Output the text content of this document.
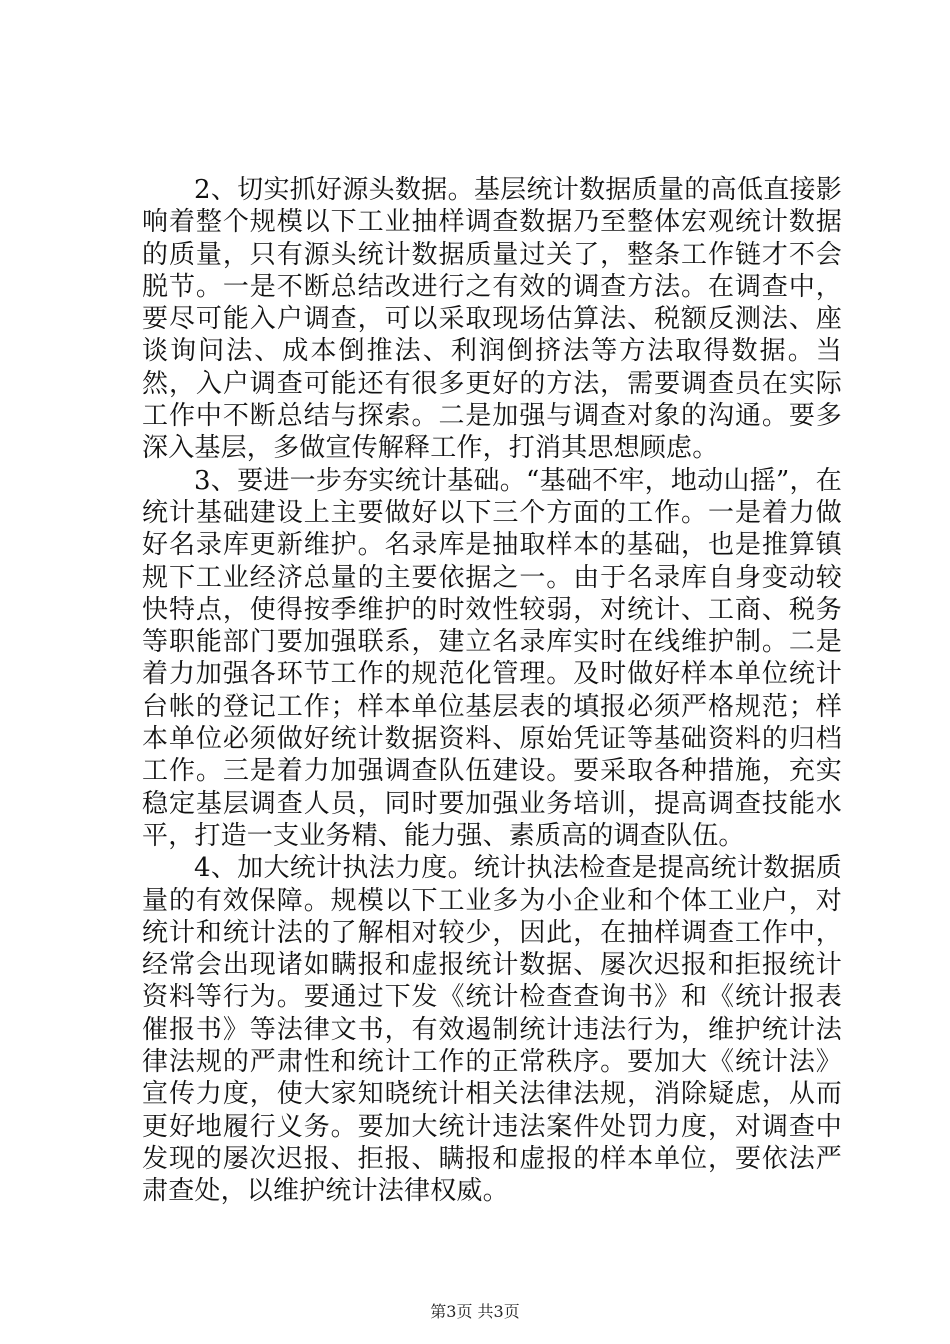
2、切实抓好源头数据。基层统计数据质量的高低直接影响着整个规模以下工业抽样调查数据乃至整体宏观统计数据的质量，只有源头统计数据质量过关了，整条工作链才不会脱节。一是不断总结改进行之有效的调查方法。在调查中，要尽可能入户调查，可以采取现场估算法、税额反测法、座谈询问法、成本倒推法、利润倒挤法等方法取得数据。当然，入户调查可能还有很多更好的方法，需要调查员在实际工作中不断总结与探索。二是加强与调查对象的沟通。要多深入基层，多做宣传解释工作，打消其思想顾虑。

3、要进一步夯实统计基础。“基础不牢，地动山摇”，在统计基础建设上主要做好以下三个方面的工作。一是着力做好名录库更新维护。名录库是抽取样本的基础，也是推算镇规下工业经济总量的主要依据之一。由于名录库自身变动较快特点，使得按季维护的时效性较弱，对统计、工商、税务等职能部门要加强联系，建立名录库实时在线维护制。二是着力加强各环节工作的规范化管理。及时做好样本单位统计台帐的登记工作；样本单位基层表的填报必须严格规范；样本单位必须做好统计数据资料、原始凭证等基础资料的归档工作。三是着力加强调查队伍建设。要采取各种措施，充实稳定基层调查人员，同时要加强业务培训，提高调查技能水平，打造一支业务精、能力强、素质高的调查队伍。

4、加大统计执法力度。统计执法检查是提高统计数据质量的有效保障。规模以下工业多为小企业和个体工业户，对统计和统计法的了解相对较少，因此，在抽样调查工作中，经常会出现诸如瞒报和虚报统计数据、屡次迟报和拒报统计资料等行为。要通过下发《统计检查查询书》和《统计报表催报书》等法律文书，有效遏制统计违法行为，维护统计法律法规的严肃性和统计工作的正常秩序。要加大《统计法》宣传力度，使大家知晓统计相关法律法规，消除疑虑，从而更好地履行义务。要加大统计违法案件处罚力度，对调查中发现的屡次迟报、拒报、瞒报和虚报的样本单位，要依法严肃查处，以维护统计法律权威。

第3页 共3页
